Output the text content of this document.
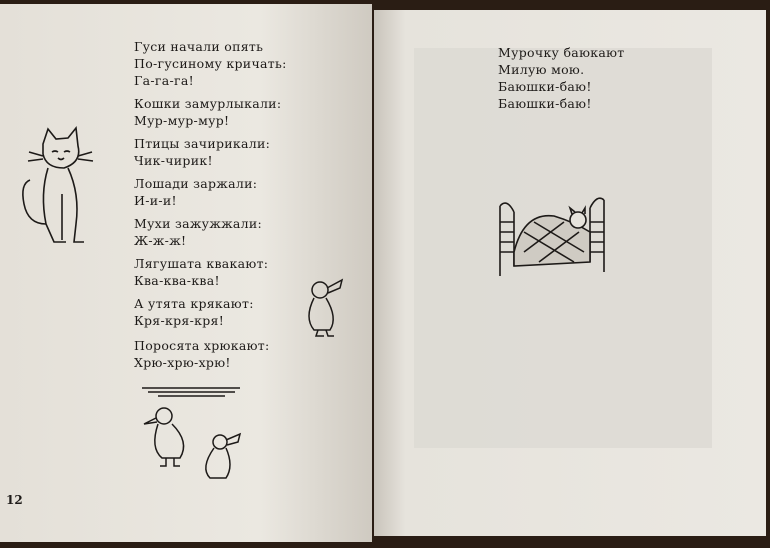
Гуси начали опять
По-гусиному кричать:
Га-га-га!
Кошки замурлыкали:
Мур-мур-мур!
Птицы зачирикали:
Чик-чирик!
Лошади заржали:
И-и-и!
Мухи зажужжали:
Ж-ж-ж!
Лягушата квакают:
Ква-ква-ква!
А утята крякают:
Кря-кря-кря!
Поросята хрюкают:
Хрю-хрю-хрю!
12
Мурочку баюкают
Милую мою.
Баюшки-баю!
Баюшки-баю!
